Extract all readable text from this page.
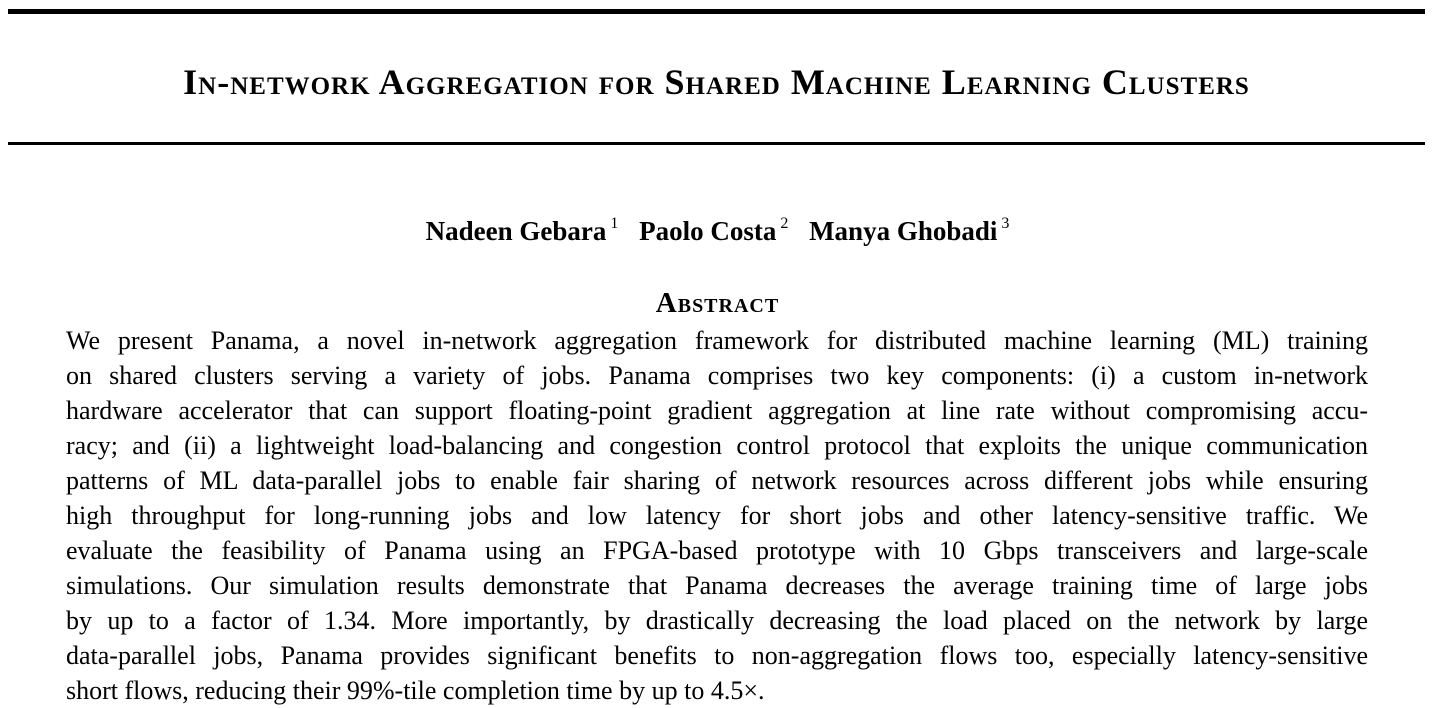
In-network Aggregation for Shared Machine Learning Clusters
Nadeen Gebara $^1$ Paolo Costa $^2$ Manya Ghobadi $^3$
Abstract
We present Panama, a novel in-network aggregation framework for distributed machine learning (ML) training
on shared clusters serving a variety of jobs. Panama comprises two key components: (i) a custom in-network
hardware accelerator that can support floating-point gradient aggregation at line rate without compromising accu-
racy; and (ii) a lightweight load-balancing and congestion control protocol that exploits the unique communication
patterns of ML data-parallel jobs to enable fair sharing of network resources across different jobs while ensuring
high throughput for long-running jobs and low latency for short jobs and other latency-sensitive traffic. We
evaluate the feasibility of Panama using an FPGA-based prototype with 10 Gbps transceivers and large-scale
simulations. Our simulation results demonstrate that Panama decreases the average training time of large jobs
by up to a factor of 1.34. More importantly, by drastically decreasing the load placed on the network by large
data-parallel jobs, Panama provides significant benefits to non-aggregation flows too, especially latency-sensitive
short flows, reducing their 99%-tile completion time by up to 4.5×.
